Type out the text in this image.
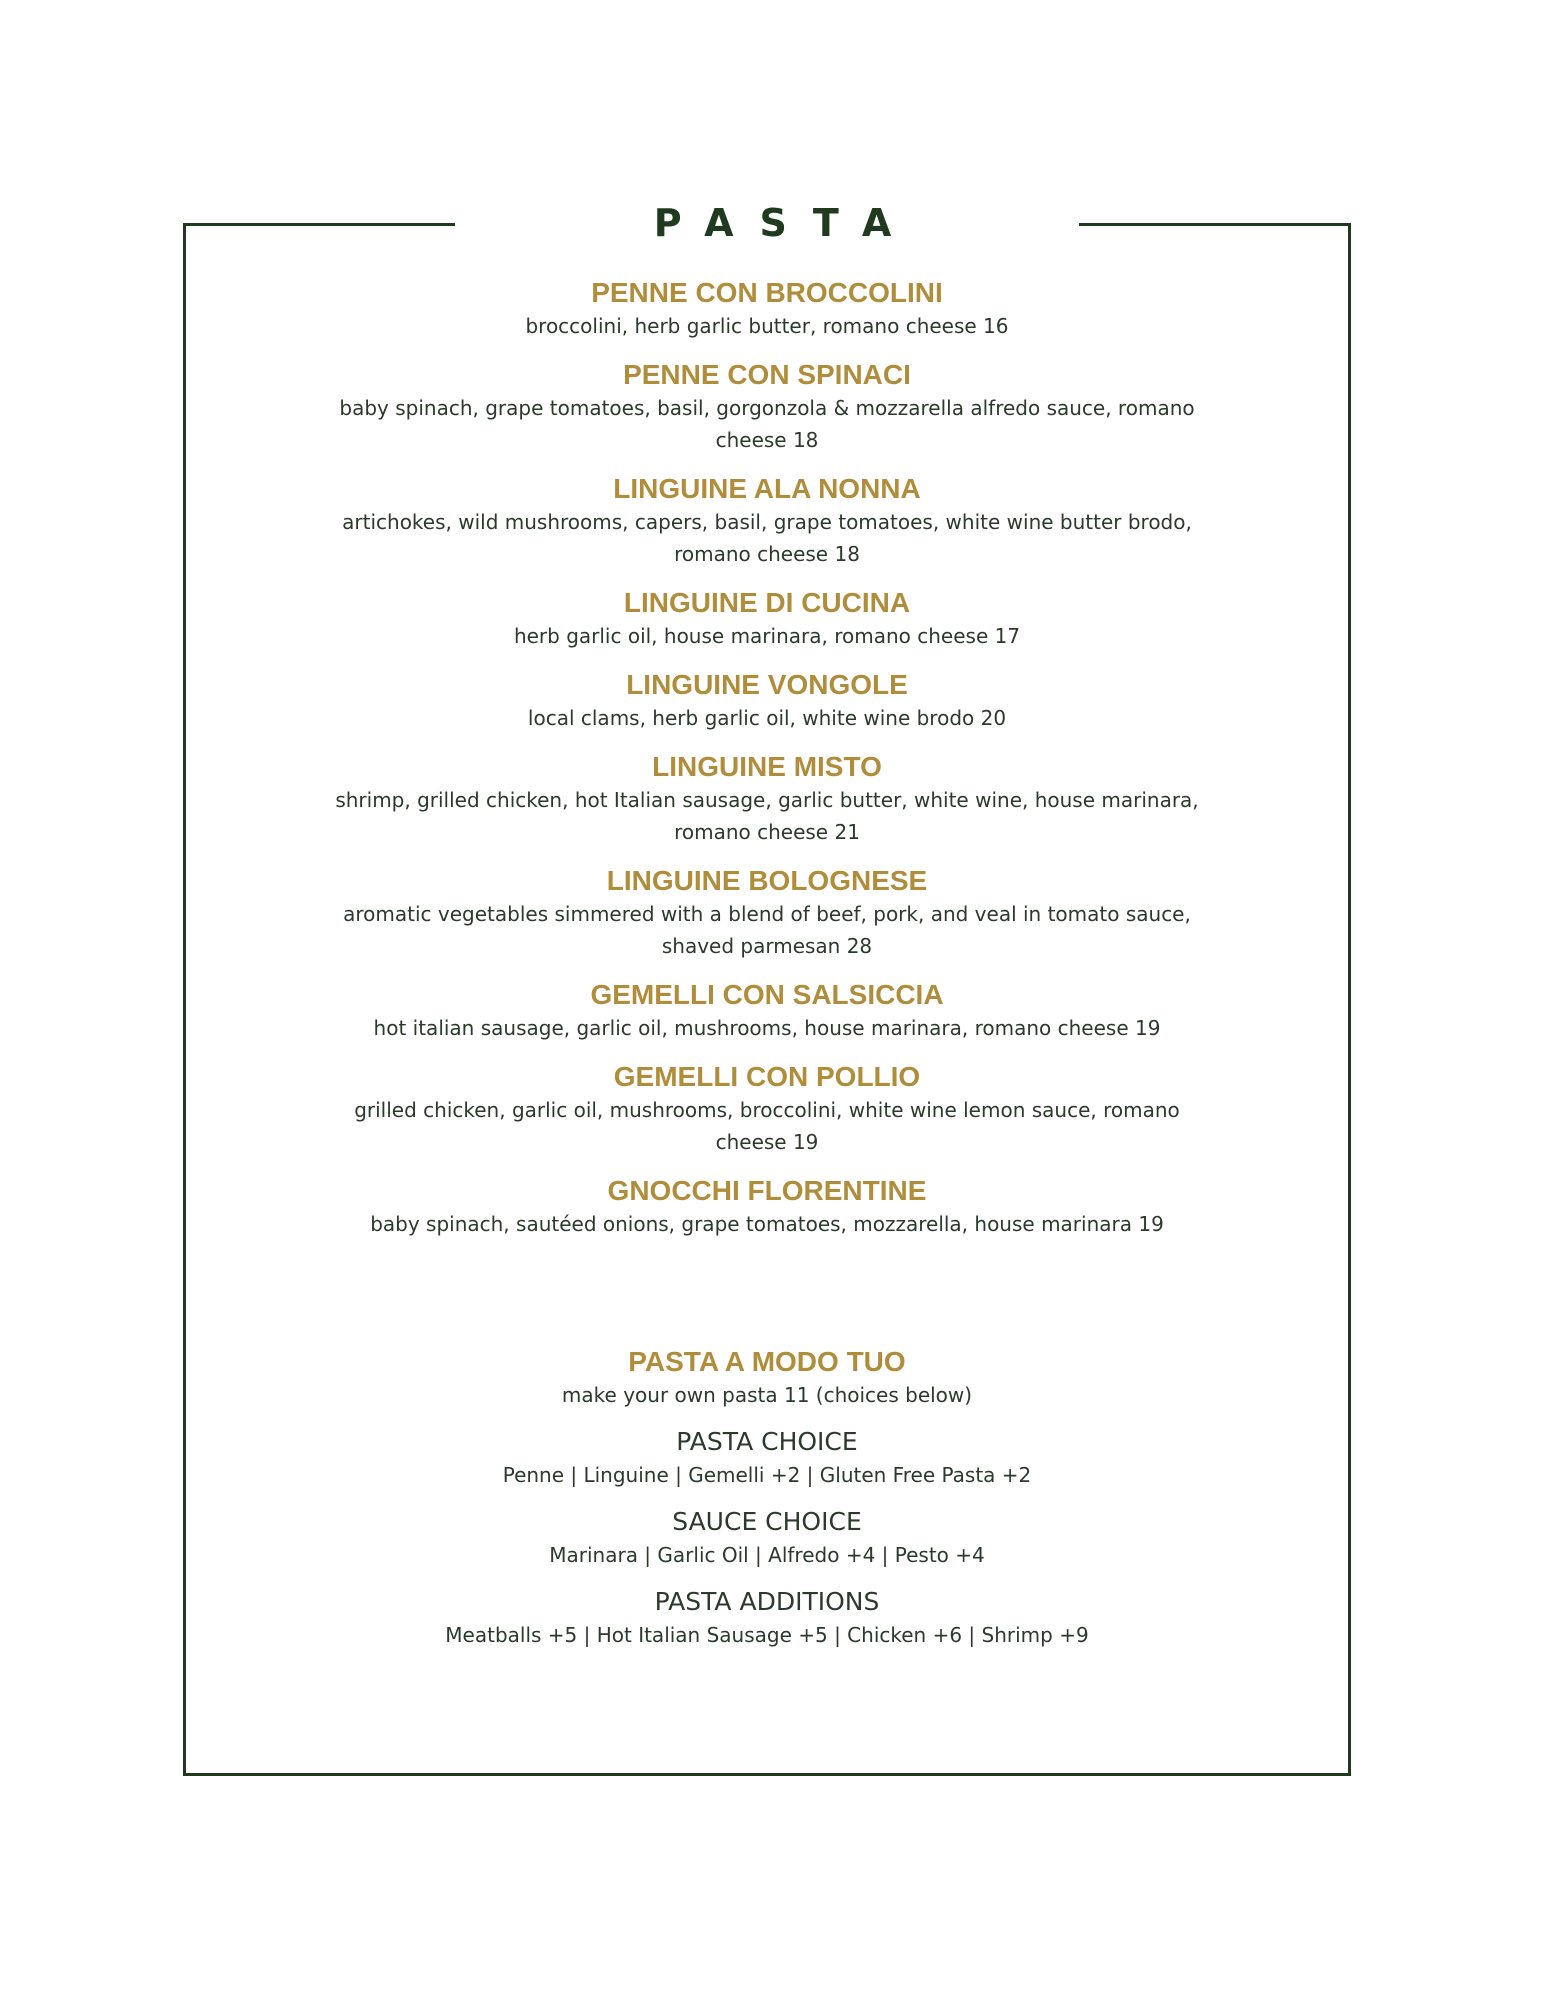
PASTA
PENNE CON BROCCOLINI
broccolini, herb garlic butter, romano cheese 16
PENNE CON SPINACI
baby spinach, grape tomatoes, basil, gorgonzola & mozzarella alfredo sauce, romano cheese 18
LINGUINE ALA NONNA
artichokes, wild mushrooms, capers, basil, grape tomatoes, white wine butter brodo, romano cheese 18
LINGUINE DI CUCINA
herb garlic oil, house marinara, romano cheese 17
LINGUINE VONGOLE
local clams, herb garlic oil, white wine brodo 20
LINGUINE MISTO
shrimp, grilled chicken, hot Italian sausage, garlic butter, white wine, house marinara, romano cheese 21
LINGUINE BOLOGNESE
aromatic vegetables simmered with a blend of beef, pork, and veal in tomato sauce, shaved parmesan 28
GEMELLI CON SALSICCIA
hot italian sausage, garlic oil, mushrooms, house marinara, romano cheese 19
GEMELLI CON POLLIO
grilled chicken, garlic oil, mushrooms, broccolini, white wine lemon sauce, romano cheese 19
GNOCCHI FLORENTINE
baby spinach, sautéed onions, grape tomatoes, mozzarella, house marinara 19
PASTA A MODO TUO
make your own pasta 11 (choices below)
PASTA CHOICE
Penne | Linguine | Gemelli +2 | Gluten Free Pasta +2
SAUCE CHOICE
Marinara | Garlic Oil | Alfredo +4 | Pesto +4
PASTA ADDITIONS
Meatballs +5 | Hot Italian Sausage +5 | Chicken +6 | Shrimp +9
